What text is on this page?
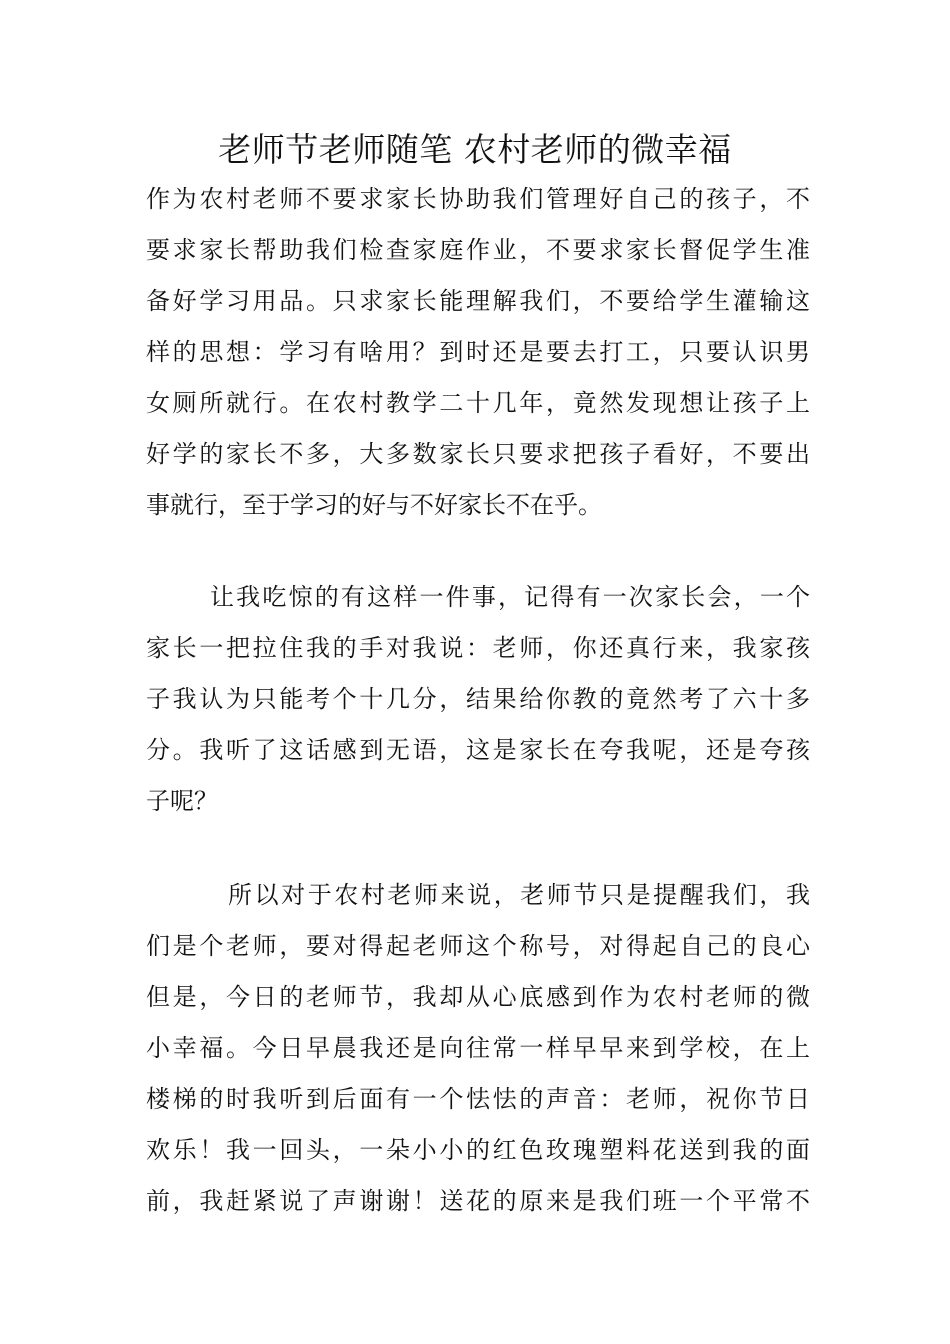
老师节老师随笔 农村老师的微幸福
作为农村老师不要求家长协助我们管理好自己的孩子，不
要求家长帮助我们检查家庭作业，不要求家长督促学生准
备好学习用品。只求家长能理解我们，不要给学生灌输这
样的思想：学习有啥用？到时还是要去打工，只要认识男
女厕所就行。在农村教学二十几年，竟然发现想让孩子上
好学的家长不多，大多数家长只要求把孩子看好，不要出
事就行，至于学习的好与不好家长不在乎。
让我吃惊的有这样一件事，记得有一次家长会，一个
家长一把拉住我的手对我说：老师，你还真行来，我家孩
子我认为只能考个十几分，结果给你教的竟然考了六十多
分。我听了这话感到无语，这是家长在夸我呢，还是夸孩
子呢？
所以对于农村老师来说，老师节只是提醒我们，我
们是个老师，要对得起老师这个称号，对得起自己的良心
但是，今日的老师节，我却从心底感到作为农村老师的微
小幸福。今日早晨我还是向往常一样早早来到学校，在上
楼梯的时我听到后面有一个怯怯的声音：老师，祝你节日
欢乐！我一回头，一朵小小的红色玫瑰塑料花送到我的面
前，我赶紧说了声谢谢！送花的原来是我们班一个平常不
